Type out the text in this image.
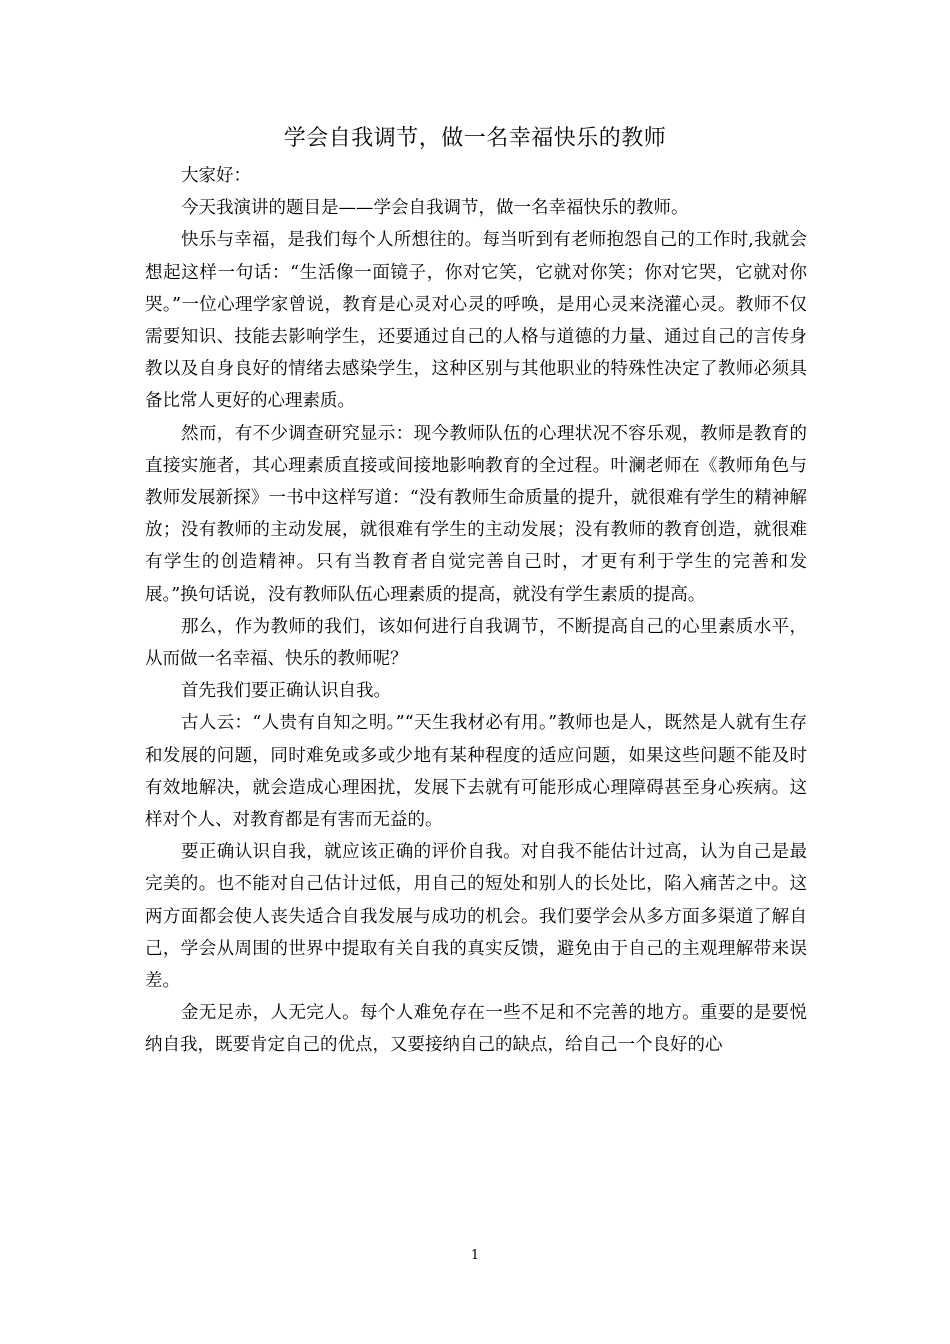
学会自我调节，做一名幸福快乐的教师

大家好：

今天我演讲的题目是——学会自我调节，做一名幸福快乐的教师。

快乐与幸福，是我们每个人所想往的。每当听到有老师抱怨自己的工作时,我就会想起这样一句话：“生活像一面镜子，你对它笑，它就对你笑；你对它哭，它就对你哭。”一位心理学家曾说，教育是心灵对心灵的呼唤，是用心灵来浇灌心灵。教师不仅需要知识、技能去影响学生，还要通过自己的人格与道德的力量、通过自己的言传身教以及自身良好的情绪去感染学生，这种区别与其他职业的特殊性决定了教师必须具备比常人更好的心理素质。

然而，有不少调查研究显示：现今教师队伍的心理状况不容乐观，教师是教育的直接实施者，其心理素质直接或间接地影响教育的全过程。叶澜老师在《教师角色与教师发展新探》一书中这样写道：“没有教师生命质量的提升，就很难有学生的精神解放；没有教师的主动发展，就很难有学生的主动发展；没有教师的教育创造，就很难有学生的创造精神。只有当教育者自觉完善自己时，才更有利于学生的完善和发展。”换句话说，没有教师队伍心理素质的提高，就没有学生素质的提高。

那么，作为教师的我们，该如何进行自我调节，不断提高自己的心里素质水平，从而做一名幸福、快乐的教师呢？

首先我们要正确认识自我。

古人云：“人贵有自知之明。”“天生我材必有用。”教师也是人，既然是人就有生存和发展的问题，同时难免或多或少地有某种程度的适应问题，如果这些问题不能及时有效地解决，就会造成心理困扰，发展下去就有可能形成心理障碍甚至身心疾病。这样对个人、对教育都是有害而无益的。

要正确认识自我，就应该正确的评价自我。对自我不能估计过高，认为自己是最完美的。也不能对自己估计过低，用自己的短处和别人的长处比，陷入痛苦之中。这两方面都会使人丧失适合自我发展与成功的机会。我们要学会从多方面多渠道了解自己，学会从周围的世界中提取有关自我的真实反馈，避免由于自己的主观理解带来误差。

金无足赤，人无完人。每个人难免存在一些不足和不完善的地方。重要的是要悦纳自我，既要肯定自己的优点，又要接纳自己的缺点，给自己一个良好的心

1
